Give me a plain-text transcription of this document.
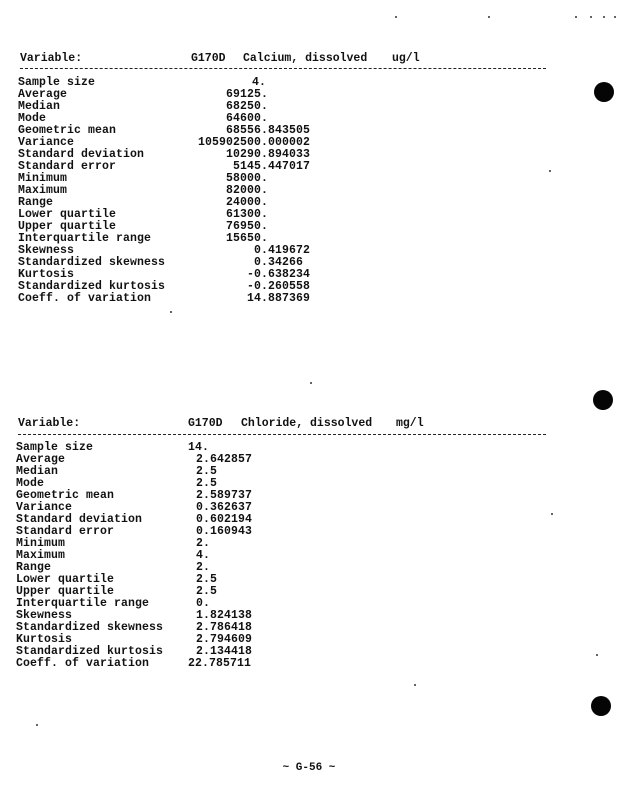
Variable:	G170D Calcium, dissolved ug/l
Sample size	4.
Average	69125.
Median	68250.
Mode	64600.
Geometric mean	68556.843505
Variance	105902500.000002
Standard deviation	10290.894033
Standard error	5145.447017
Minimum	58000.
Maximum	82000.
Range	24000.
Lower quartile	61300.
Upper quartile	76950.
Interquartile range	15650.
Skewness	0.419672
Standardized skewness	0.34266
Kurtosis	-0.638234
Standardized kurtosis	-0.260558
Coeff. of variation	14.887369
Variable:	G170D Chloride, dissolved mg/l
Sample size	14.
Average	2.642857
Median	2.5
Mode	2.5
Geometric mean	2.589737
Variance	0.362637
Standard deviation	0.602194
Standard error	0.160943
Minimum	2.
Maximum	4.
Range	2.
Lower quartile	2.5
Upper quartile	2.5
Interquartile range	0.
Skewness	1.824138
Standardized skewness	2.786418
Kurtosis	2.794609
Standardized kurtosis	2.134418
Coeff. of variation	22.785711
~ G-56 ~
